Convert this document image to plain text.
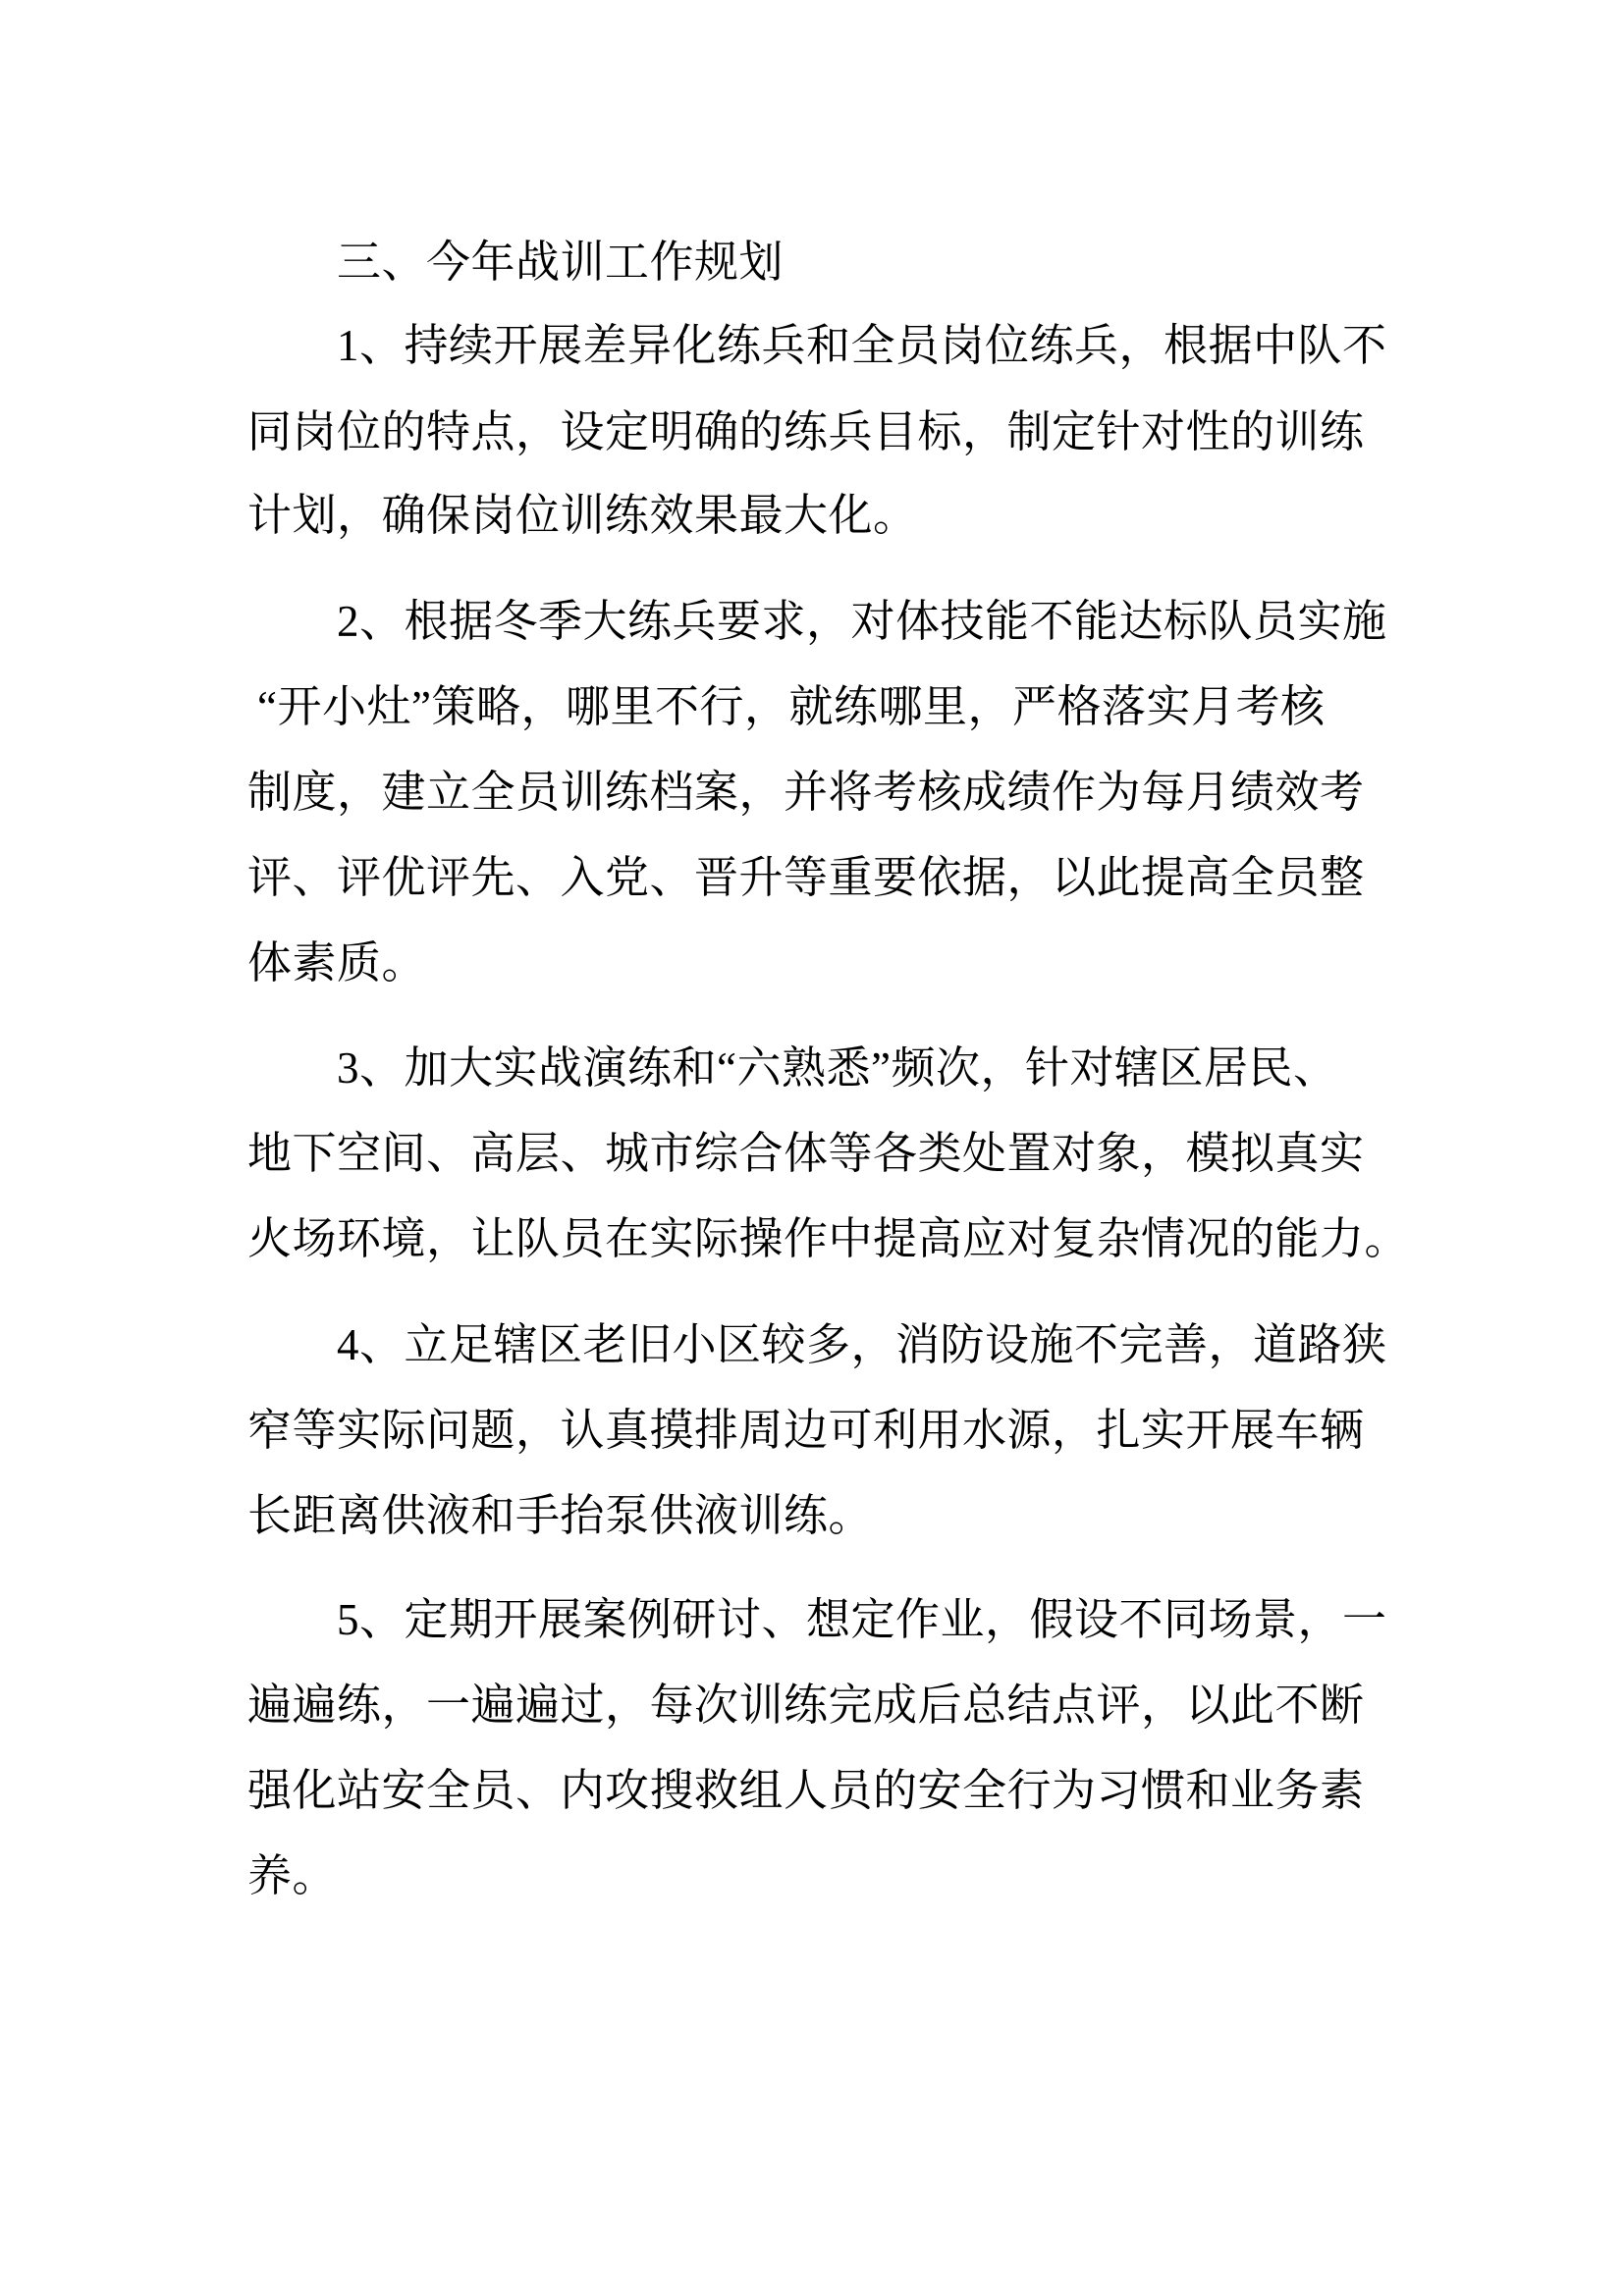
三、今年战训工作规划
1、持续开展差异化练兵和全员岗位练兵，根据中队不
同岗位的特点，设定明确的练兵目标，制定针对性的训练
计划，确保岗位训练效果最大化。
2、根据冬季大练兵要求，对体技能不能达标队员实施
“开小灶”策略，哪里不行，就练哪里，严格落实月考核
制度，建立全员训练档案，并将考核成绩作为每月绩效考
评、评优评先、入党、晋升等重要依据，以此提高全员整
体素质。
3、加大实战演练和“六熟悉”频次，针对辖区居民、
地下空间、高层、城市综合体等各类处置对象，模拟真实
火场环境，让队员在实际操作中提高应对复杂情况的能力。
4、立足辖区老旧小区较多，消防设施不完善，道路狭
窄等实际问题，认真摸排周边可利用水源，扎实开展车辆
长距离供液和手抬泵供液训练。
5、定期开展案例研讨、想定作业，假设不同场景，一
遍遍练，一遍遍过，每次训练完成后总结点评，以此不断
强化站安全员、内攻搜救组人员的安全行为习惯和业务素
养。
